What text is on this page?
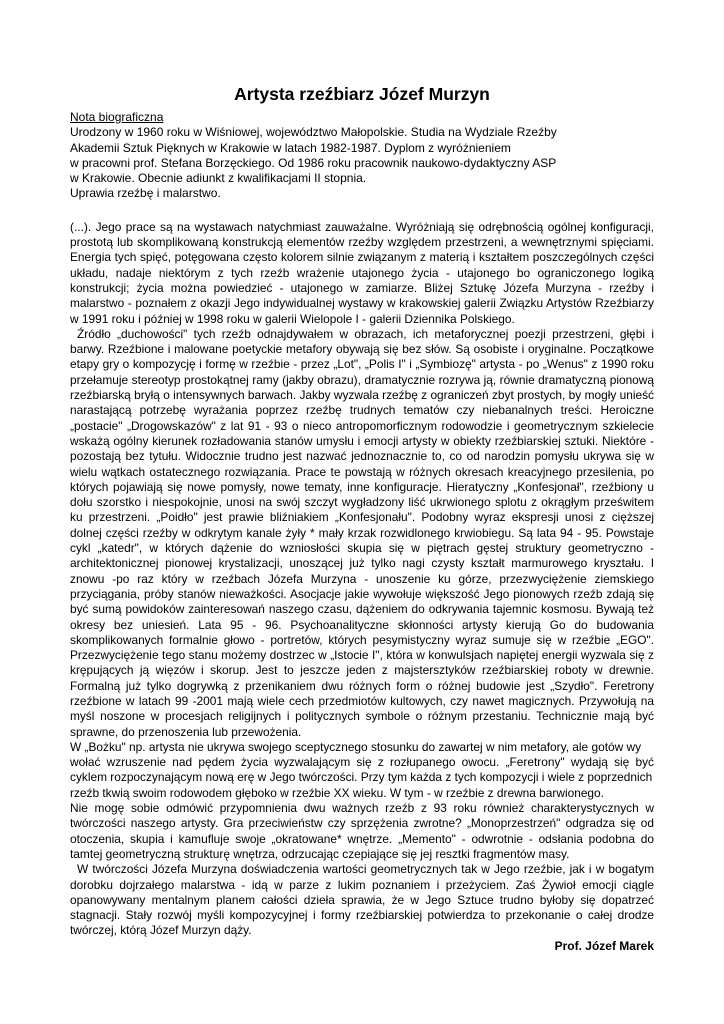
Artysta rzeźbiarz Józef Murzyn
Nota biograficzna
Urodzony w 1960 roku w Wiśniowej, województwo Małopolskie. Studia na Wydziale Rzeźby
Akademii Sztuk Pięknych w Krakowie w latach 1982-1987. Dyplom z wyróżnieniem
w pracowni prof. Stefana Borzęckiego. Od 1986 roku pracownik naukowo-dydaktyczny ASP
w Krakowie. Obecnie adiunkt z kwalifikacjami II stopnia.
Uprawia rzeźbę i malarstwo.

(...). Jego prace są na wystawach natychmiast zauważalne. Wyróżniają się odrębnością ogólnej konfiguracji, prostotą lub skomplikowaną konstrukcją elementów rzeźby względem przestrzeni, a wewnętrznymi spięciami. Energia tych spięć, potęgowana często kolorem silnie związanym z materią i kształtem poszczególnych części układu, nadaje niektórym z tych rzeźb wrażenie utajonego życia - utajonego bo ograniczonego logiką konstrukcji; życia można powiedzieć - utajonego w zamiarze. Bliżej Sztukę Józefa Murzyna - rzeźby i malarstwo - poznałem z okazji Jego indywidualnej wystawy w krakowskiej galerii Związku Artystów Rzeźbiarzy w 1991 roku i później w 1998 roku w galerii Wielopole I - galerii Dziennika Polskiego.

Źródło „duchowości" tych rzeźb odnajdywałem w obrazach, ich metaforycznej poezji przestrzeni, głębi i barwy. Rzeźbione i malowane poetyckie metafory obywają się bez słów. Są osobiste i oryginalne. Początkowe etapy gry o kompozycję i formę w rzeźbie - przez „Lot", „Polis I" i „Symbiozę" artysta - po „Wenus" z 1990 roku przełamuje stereotyp prostokątnej ramy (jakby obrazu), dramatycznie rozrywa ją, równie dramatyczną pionową rzeźbiarską bryłą o intensywnych barwach. Jakby wyzwala rzeźbę z ograniczeń zbyt prostych, by mogły unieść narastającą potrzebę wyrażania poprzez rzeźbę trudnych tematów czy niebanalnych treści. Heroiczne „postacie" „Drogowskazów" z lat 91 - 93 o nieco antropomorficznym rodowodzie i geometrycznym szkielecie wskażą ogólny kierunek rozładowania stanów umysłu i emocji artysty w obiekty rzeźbiarskiej sztuki. Niektóre - pozostają bez tytułu. Widocznie trudno jest nazwać jednoznacznie to, co od narodzin pomysłu ukrywa się w wielu wątkach ostatecznego rozwiązania. Prace te powstają w różnych okresach kreacyjnego przesilenia, po których pojawiają się nowe pomysły, nowe tematy, inne konfiguracje. Hieratyczny „Konfesjonał", rzeźbiony u dołu szorstko i niespokojnie, unosi na swój szczyt wygładzony liść ukrwionego splotu z okrągłym prześwitem ku przestrzeni. „Poidło" jest prawie bliźniakiem „Konfesjonału". Podobny wyraz ekspresji unosi z cięższej dolnej części rzeźby w odkrytym kanale żyły * mały krzak rozwidlonego krwiobiegu. Są lata 94 - 95. Powstaje cykl „katedr", w których dążenie do wzniosłości skupia się w piętrach gęstej struktury geometryczno - architektonicznej pionowej krystalizacji, unoszącej już tylko nagi czysty kształt marmurowego kryształu. I znowu -po raz który w rzeźbach Józefa Murzyna - unoszenie ku górze, przezwyciężenie ziemskiego przyciągania, próby stanów nieważkości. Asocjacje jakie wywołuje większość Jego pionowych rzeźb zdają się być sumą powidoków zainteresowań naszego czasu, dążeniem do odkrywania tajemnic kosmosu. Bywają też okresy bez uniesień. Lata 95 - 96. Psychoanalityczne skłonności artysty kierują Go do budowania skomplikowanych formalnie głowo - portretów, których pesymistyczny wyraz sumuje się w rzeźbie „EGO". Przezwyciężenie tego stanu możemy dostrzec w „Istocie I", która w konwulsjach napiętej energii wyzwala się z krępujących ją więzów i skorup. Jest to jeszcze jeden z majstersztyków rzeźbiarskiej roboty w drewnie. Formalną już tylko dogrywką z przenikaniem dwu różnych form o różnej budowie jest „Szydło". Feretrony rzeźbione w latach 99 -2001 mają wiele cech przedmiotów kultowych, czy nawet magicznych. Przywołują na myśl noszone w procesjach religijnych i politycznych symbole o różnym przestaniu. Technicznie mają być sprawne, do przenoszenia lub przewożenia.

W „Bożku" np. artysta nie ukrywa swojego sceptycznego stosunku do zawartej w nim metafory, ale gotów wy

wołać wzruszenie nad pędem życia wyzwalającym się z rozłupanego owocu. „Feretrony" wydają się być cyklem rozpoczynającym nową erę w Jego twórczości. Przy tym każda z tych kompozycji i wiele z poprzednich

rzeźb tkwią swoim rodowodem głęboko w rzeźbie XX wieku. W tym - w rzeźbie z drewna barwionego.

Nie mogę sobie odmówić przypomnienia dwu ważnych rzeźb z 93 roku również charakterystycznych w twórczości naszego artysty. Gra przeciwieństw czy sprzężenia zwrotne? „Monoprzestrzeń" odgradza się od otoczenia, skupia i kamufluje swoje „okratowane* wnętrze. „Memento" - odwrotnie - odsłania podobna do tamtej geometryczną strukturę wnętrza, odrzucając czepiające się jej resztki fragmentów masy.

W twórczości Józefa Murzyna doświadczenia wartości geometrycznych tak w Jego rzeźbie, jak i w bogatym dorobku dojrzałego malarstwa - idą w parze z lukim poznaniem i przeżyciem. Zaś Żywioł emocji ciągle opanowywany mentalnym planem całości dzieła sprawia, że w Jego Sztuce trudno byłoby się dopatrzeć stagnacji. Stały rozwój myśli kompozycyjnej i formy rzeźbiarskiej potwierdza to przekonanie o całej drodze twórczej, którą Józef Murzyn dąży.

Prof. Józef Marek
